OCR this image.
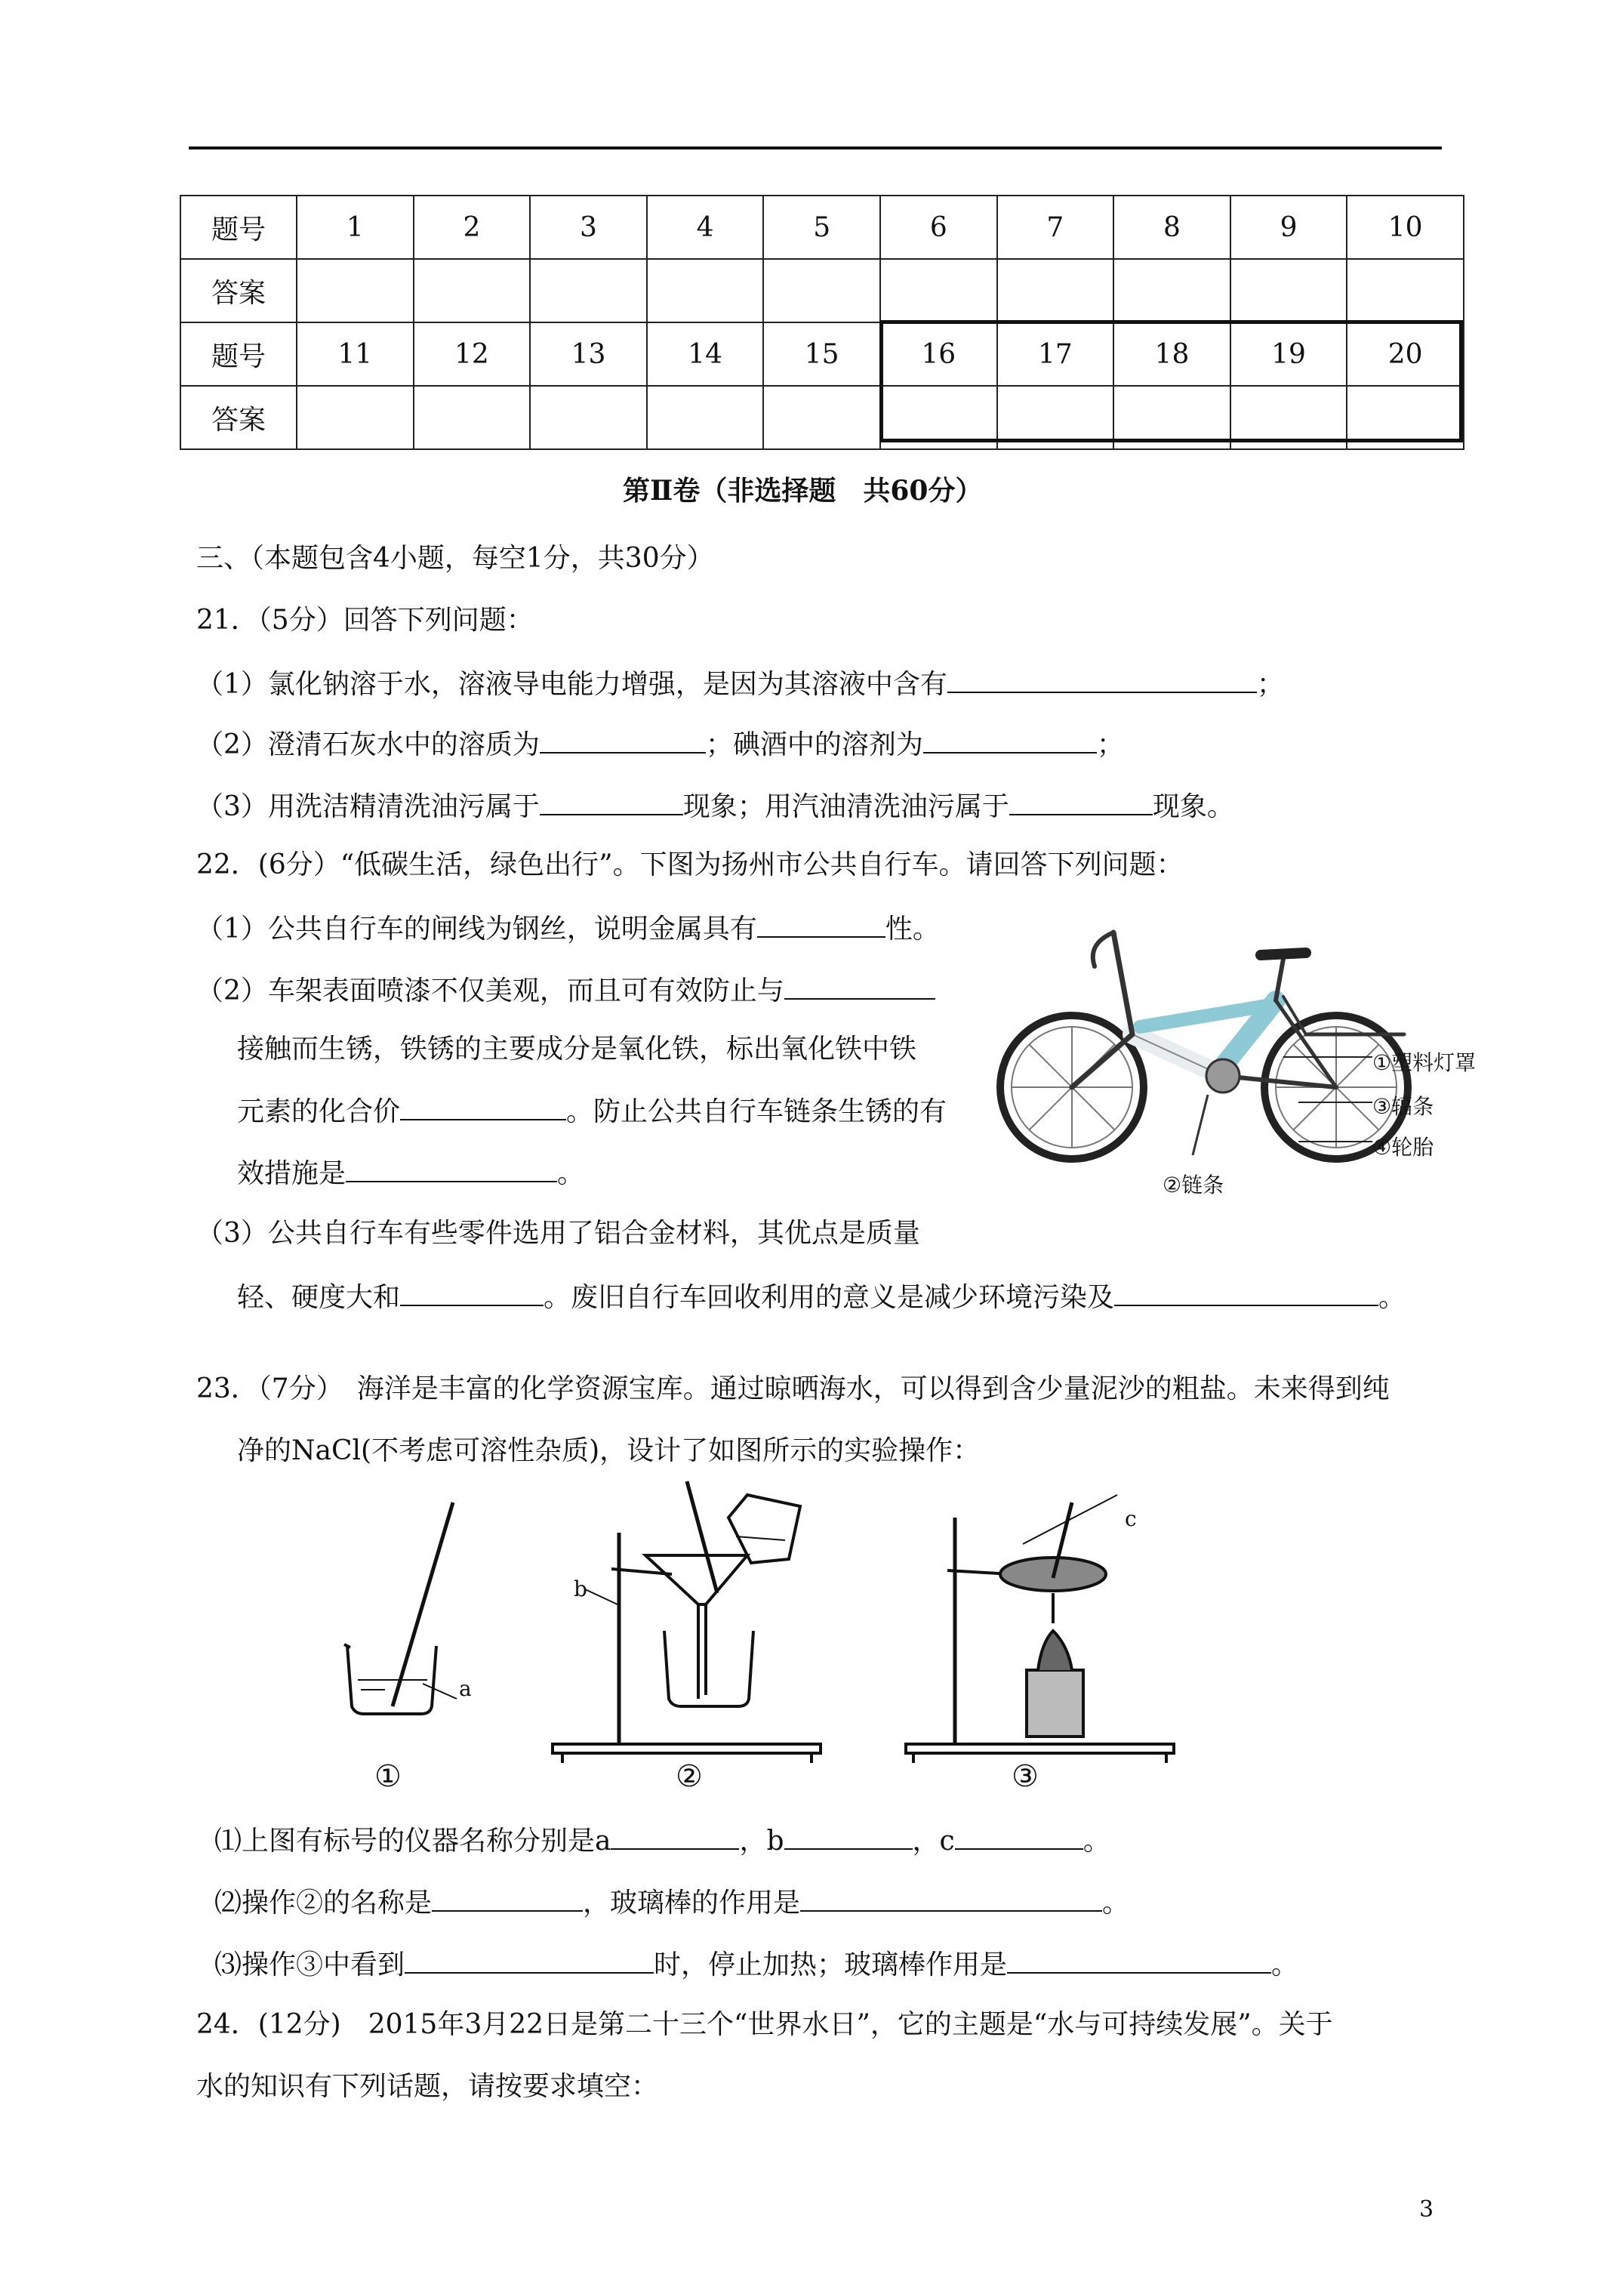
题号	1	2	3	4	5	6	7	8	9	10
答案										
题号	11	12	13	14	15	16	17	18	19	20
答案										
第Ⅱ卷（非选择题　共60分）
三、（本题包含4小题，每空1分，共30分）
21．（5分）回答下列问题：
（1）氯化钠溶于水，溶液导电能力增强，是因为其溶液中含有	；
（2）澄清石灰水中的溶质为	；碘酒中的溶剂为	；
（3）用洗洁精清洗油污属于	现象；用汽油清洗油污属于	现象。
22．(6分）“低碳生活，绿色出行”。下图为扬州市公共自行车。请回答下列问题：
（1）公共自行车的闸线为钢丝，说明金属具有	性。
（2）车架表面喷漆不仅美观，而且可有效防止与
接触而生锈，铁锈的主要成分是氧化铁，标出氧化铁中铁
元素的化合价	。防止公共自行车链条生锈的有
效措施是	。
（3）公共自行车有些零件选用了铝合金材料，其优点是质量
轻、硬度大和	。废旧自行车回收利用的意义是减少环境污染及	。
①塑料灯罩
③辐条
④轮胎
②链条
23．（7分）　海洋是丰富的化学资源宝库。通过晾晒海水，可以得到含少量泥沙的粗盐。未来得到纯
净的NaCl(不考虑可溶性杂质)，设计了如图所示的实验操作：
a
b
c
①	②	③
⑴上图有标号的仪器名称分别是a	，b	，c	。
⑵操作②的名称是	，玻璃棒的作用是	。
⑶操作③中看到	时，停止加热；玻璃棒作用是	。
24．(12分)　2015年3月22日是第二十三个“世界水日”，它的主题是“水与可持续发展”。关于
水的知识有下列话题，请按要求填空：
3
